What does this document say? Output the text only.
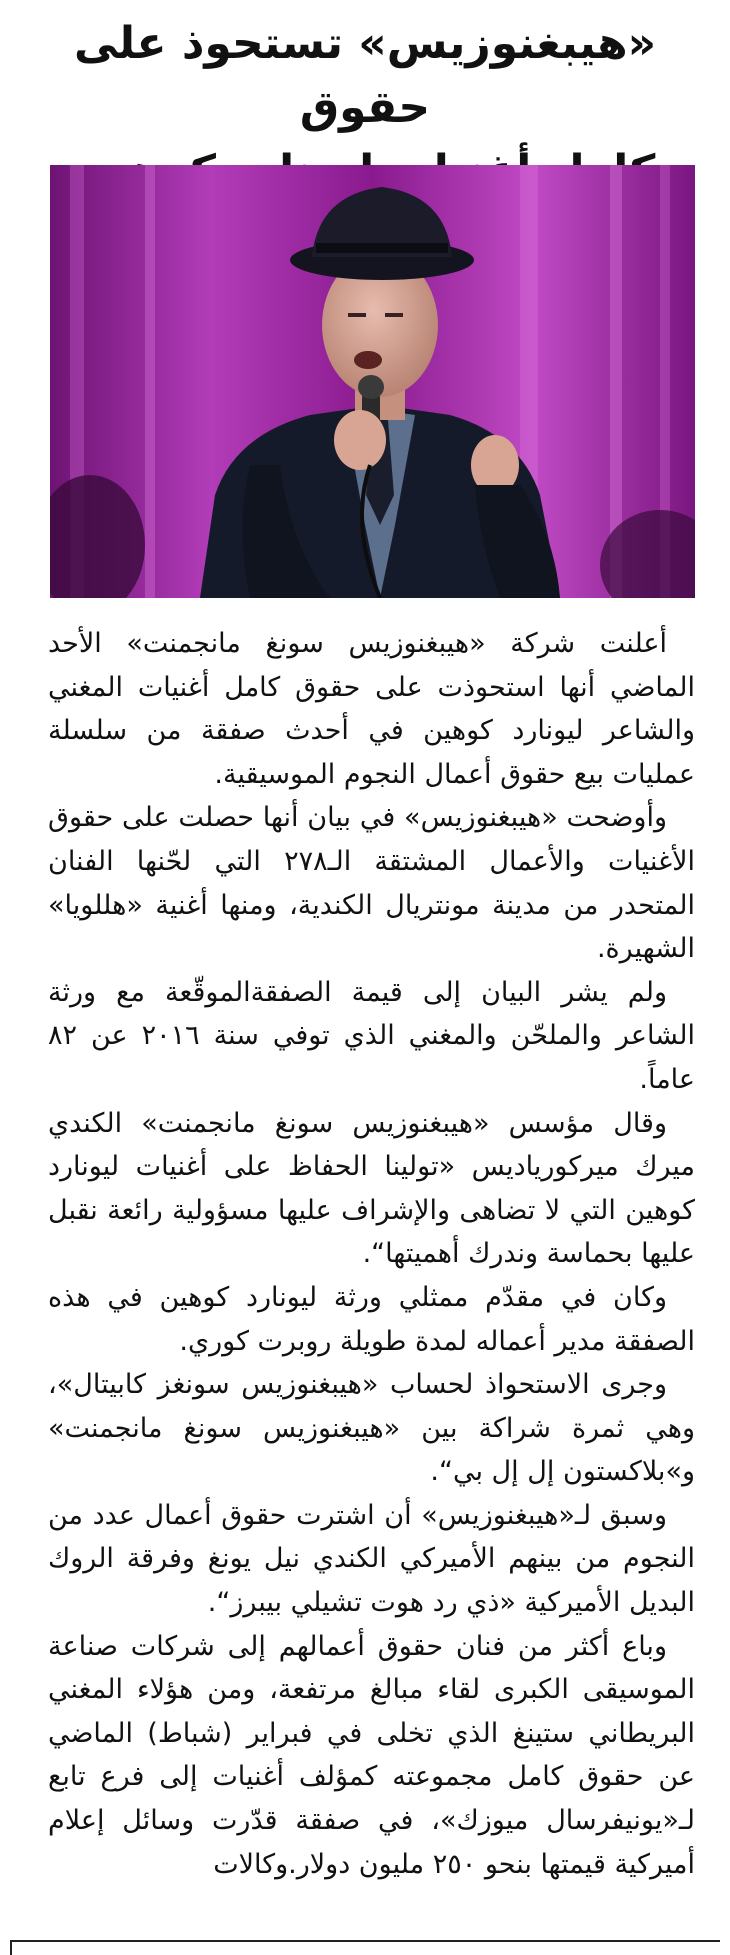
«هيبغنوزيس» تستحوذ على حقوق

أعلنت شركة «هيبغنوزيس سونغ مانجمنت» الأحد الماضي أنها استحوذت على حقوق كامل أغنيات المغني والشاعر ليونارد كوهين في أحدث صفقة من سلسلة عمليات بيع حقوق أعمال النجوم الموسيقية.

وأوضحت «هيبغنوزيس» في بيان أنها حصلت على حقوق الأغنيات والأعمال المشتقة الـ٢٧٨ التي لحّنها الفنان المتحدر من مدينة مونتريال الكندية، ومنها أغنية «هللويا» الشهيرة.

ولم يشر البيان إلى قيمة الصفقةالموقّعة مع ورثة الشاعر والملحّن والمغني الذي توفي سنة ٢٠١٦ عن ٨٢ عاماً.

وقال مؤسس «هيبغنوزيس سونغ مانجمنت» الكندي ميرك ميركورياديس «تولينا الحفاظ على أغنيات ليونارد كوهين التي لا تضاهى والإشراف عليها مسؤولية رائعة نقبل عليها بحماسة وندرك أهميتها“.

وكان في مقدّم ممثلي ورثة ليونارد كوهين في هذه الصفقة مدير أعماله لمدة طويلة روبرت كوري.

وجرى الاستحواذ لحساب «هيبغنوزيس سونغز كابيتال»، وهي ثمرة شراكة بين «هيبغنوزيس سونغ مانجمنت» و»بلاكستون إل إل بي“.

وسبق لـ«هيبغنوزيس» أن اشترت حقوق أعمال عدد من النجوم من بينهم الأميركي الكندي نيل يونغ وفرقة الروك البديل الأميركية «ذي رد هوت تشيلي بيبرز“.

وباع أكثر من فنان حقوق أعمالهم إلى شركات صناعة الموسيقى الكبرى لقاء مبالغ مرتفعة، ومن هؤلاء المغني البريطاني ستينغ الذي تخلى في فبراير (شباط) الماضي عن حقوق كامل مجموعته كمؤلف أغنيات إلى فرع تابع لـ«يونيفرسال ميوزك»، في صفقة قدّرت وسائل إعلام أميركية قيمتها بنحو ٢٥٠ مليون دولار.وكالات
